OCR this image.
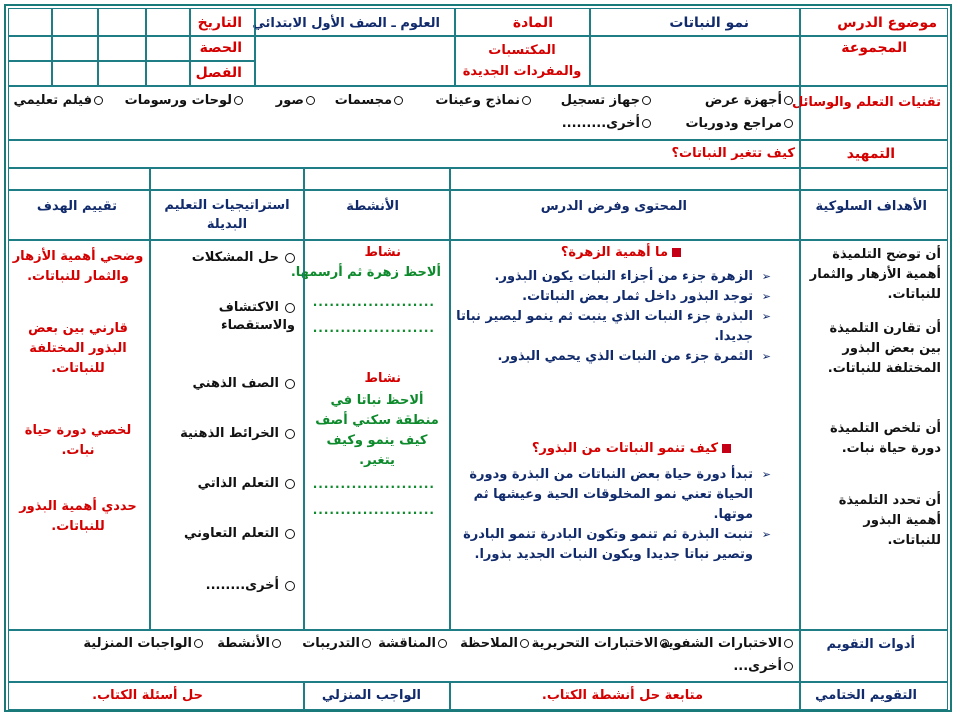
موضوع الدرس
المجموعة
نمو النباتات
المادة
المكتسبات والمفردات الجديدة
العلوم ـ الصف الأول الابتدائي
التاريخ
الحصة
الفصل
تقنيات التعلم والوسائل
أجهزة عرض
جهاز تسجيل
نماذج وعينات
مجسمات
صور
لوحات ورسومات
فيلم تعليمي
مراجع ودوريات
أخرى.........
التمهيد
كيف تتغير النباتات؟
الأهداف السلوكية
المحتوى وفرض الدرس
الأنشطة
استراتيجيات التعليم البديلة
تقييم الهدف
أن توضح التلميذة أهمية الأزهار والثمار للنباتات.
أن تقارن التلميذة بين بعض البذور المختلفة للنباتات.
أن تلخص التلميذة دورة حياة نبات.
أن تحدد التلميذة أهمية البذور للنباتات.
ما أهمية الزهرة؟
➢ الزهرة جزء من أجزاء النبات يكون البذور.
➢ توجد البذور داخل ثمار بعض النباتات.
➢ البذرة جزء النبات الذي ينبت ثم ينمو ليصير نباتا جديدا.
➢ الثمرة جزء من النبات الذي يحمي البذور.
كيف تنمو النباتات من البذور؟
➢ تبدأ دورة حياة بعض النباتات من البذرة ودورة الحياة تعني نمو المخلوقات الحية وعيشها ثم موتها.
➢ تنبت البذرة ثم تنمو وتكون البادرة تنمو البادرة وتصير نباتا جديدا ويكون النبات الجديد بذورا.
نشاط
ألاحظ زهرة ثم أرسمها.
......................
......................
نشاط
ألاحظ نباتا في منطقة سكني أصف كيف ينمو وكيف يتغير.
......................
......................
حل المشكلات
الاكتشاف والاستقصاء
الصف الذهني
الخرائط الذهنية
التعلم الذاتي
التعلم التعاوني
أخرى........
وضحي أهمية الأزهار والثمار للنباتات.
قارني بين بعض البذور المختلفة للنباتات.
لخصي دورة حياة نبات.
حددي أهمية البذور للنباتات.
أدوات التقويم
الاختبارات الشفوية
الاختبارات التحريرية
الملاحظة
المناقشة
التدريبات
الأنشطة
الواجبات المنزلية
أخرى...
التقويم الختامي
متابعة حل أنشطة الكتاب.
الواجب المنزلي
حل أسئلة الكتاب.
